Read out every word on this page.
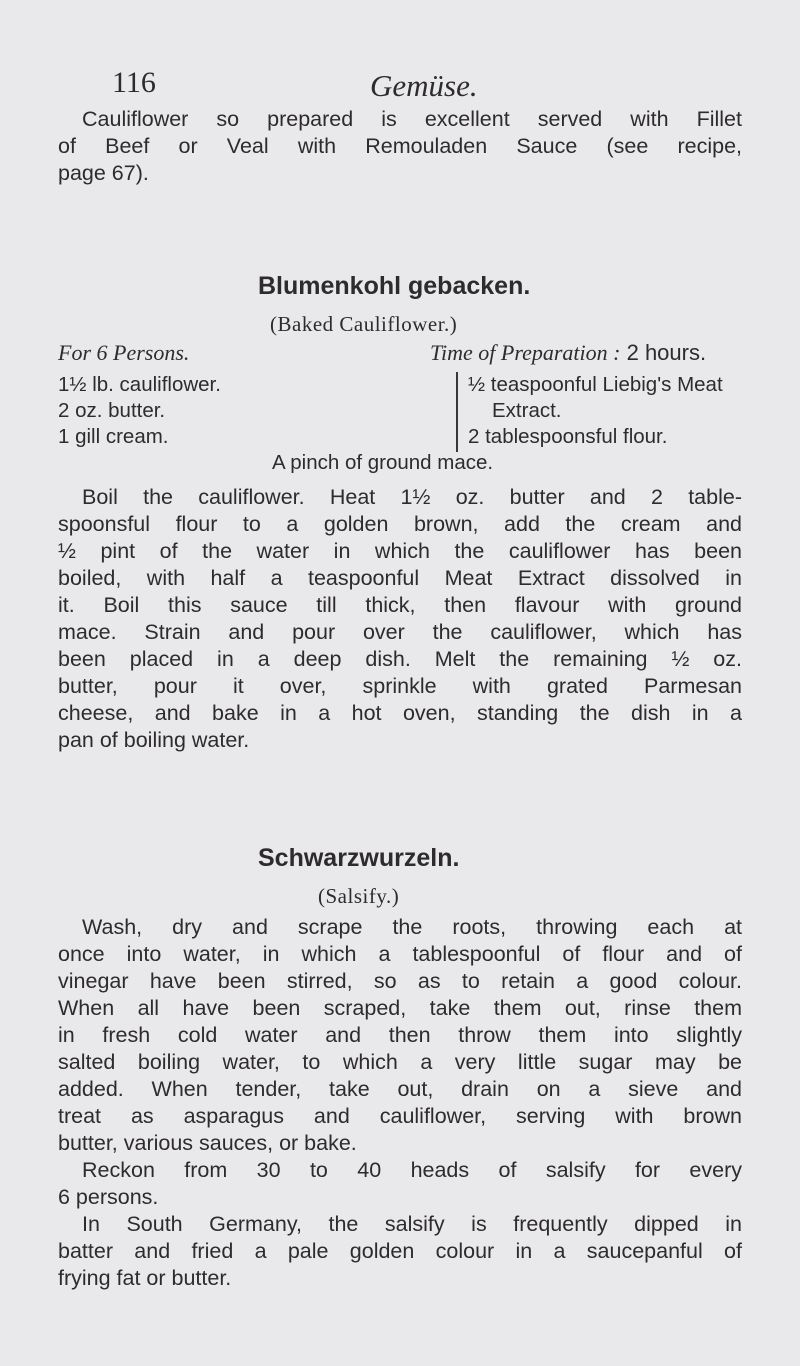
116	Gemüse.
Cauliflower so prepared is excellent served with Fillet
of Beef or Veal with Remouladen Sauce (see recipe,
page 67).
Blumenkohl gebacken.
(Baked Cauliflower.)
For 6 Persons.	Time of Preparation : 2 hours.
1½ lb. cauliflower.
2 oz. butter.
1 gill cream.
½ teaspoonful Liebig's Meat
Extract.
2 tablespoonsful flour.
A pinch of ground mace.
Boil the cauliflower. Heat 1½ oz. butter and 2 table-
spoonsful flour to a golden brown, add the cream and
½ pint of the water in which the cauliflower has been
boiled, with half a teaspoonful Meat Extract dissolved in
it. Boil this sauce till thick, then flavour with ground
mace. Strain and pour over the cauliflower, which has
been placed in a deep dish. Melt the remaining ½ oz.
butter, pour it over, sprinkle with grated Parmesan
cheese, and bake in a hot oven, standing the dish in a
pan of boiling water.
Schwarzwurzeln.
(Salsify.)
Wash, dry and scrape the roots, throwing each at
once into water, in which a tablespoonful of flour and of
vinegar have been stirred, so as to retain a good colour.
When all have been scraped, take them out, rinse them
in fresh cold water and then throw them into slightly
salted boiling water, to which a very little sugar may be
added. When tender, take out, drain on a sieve and
treat as asparagus and cauliflower, serving with brown
butter, various sauces, or bake.
Reckon from 30 to 40 heads of salsify for every
6 persons.
In South Germany, the salsify is frequently dipped in
batter and fried a pale golden colour in a saucepanful of
frying fat or butter.
